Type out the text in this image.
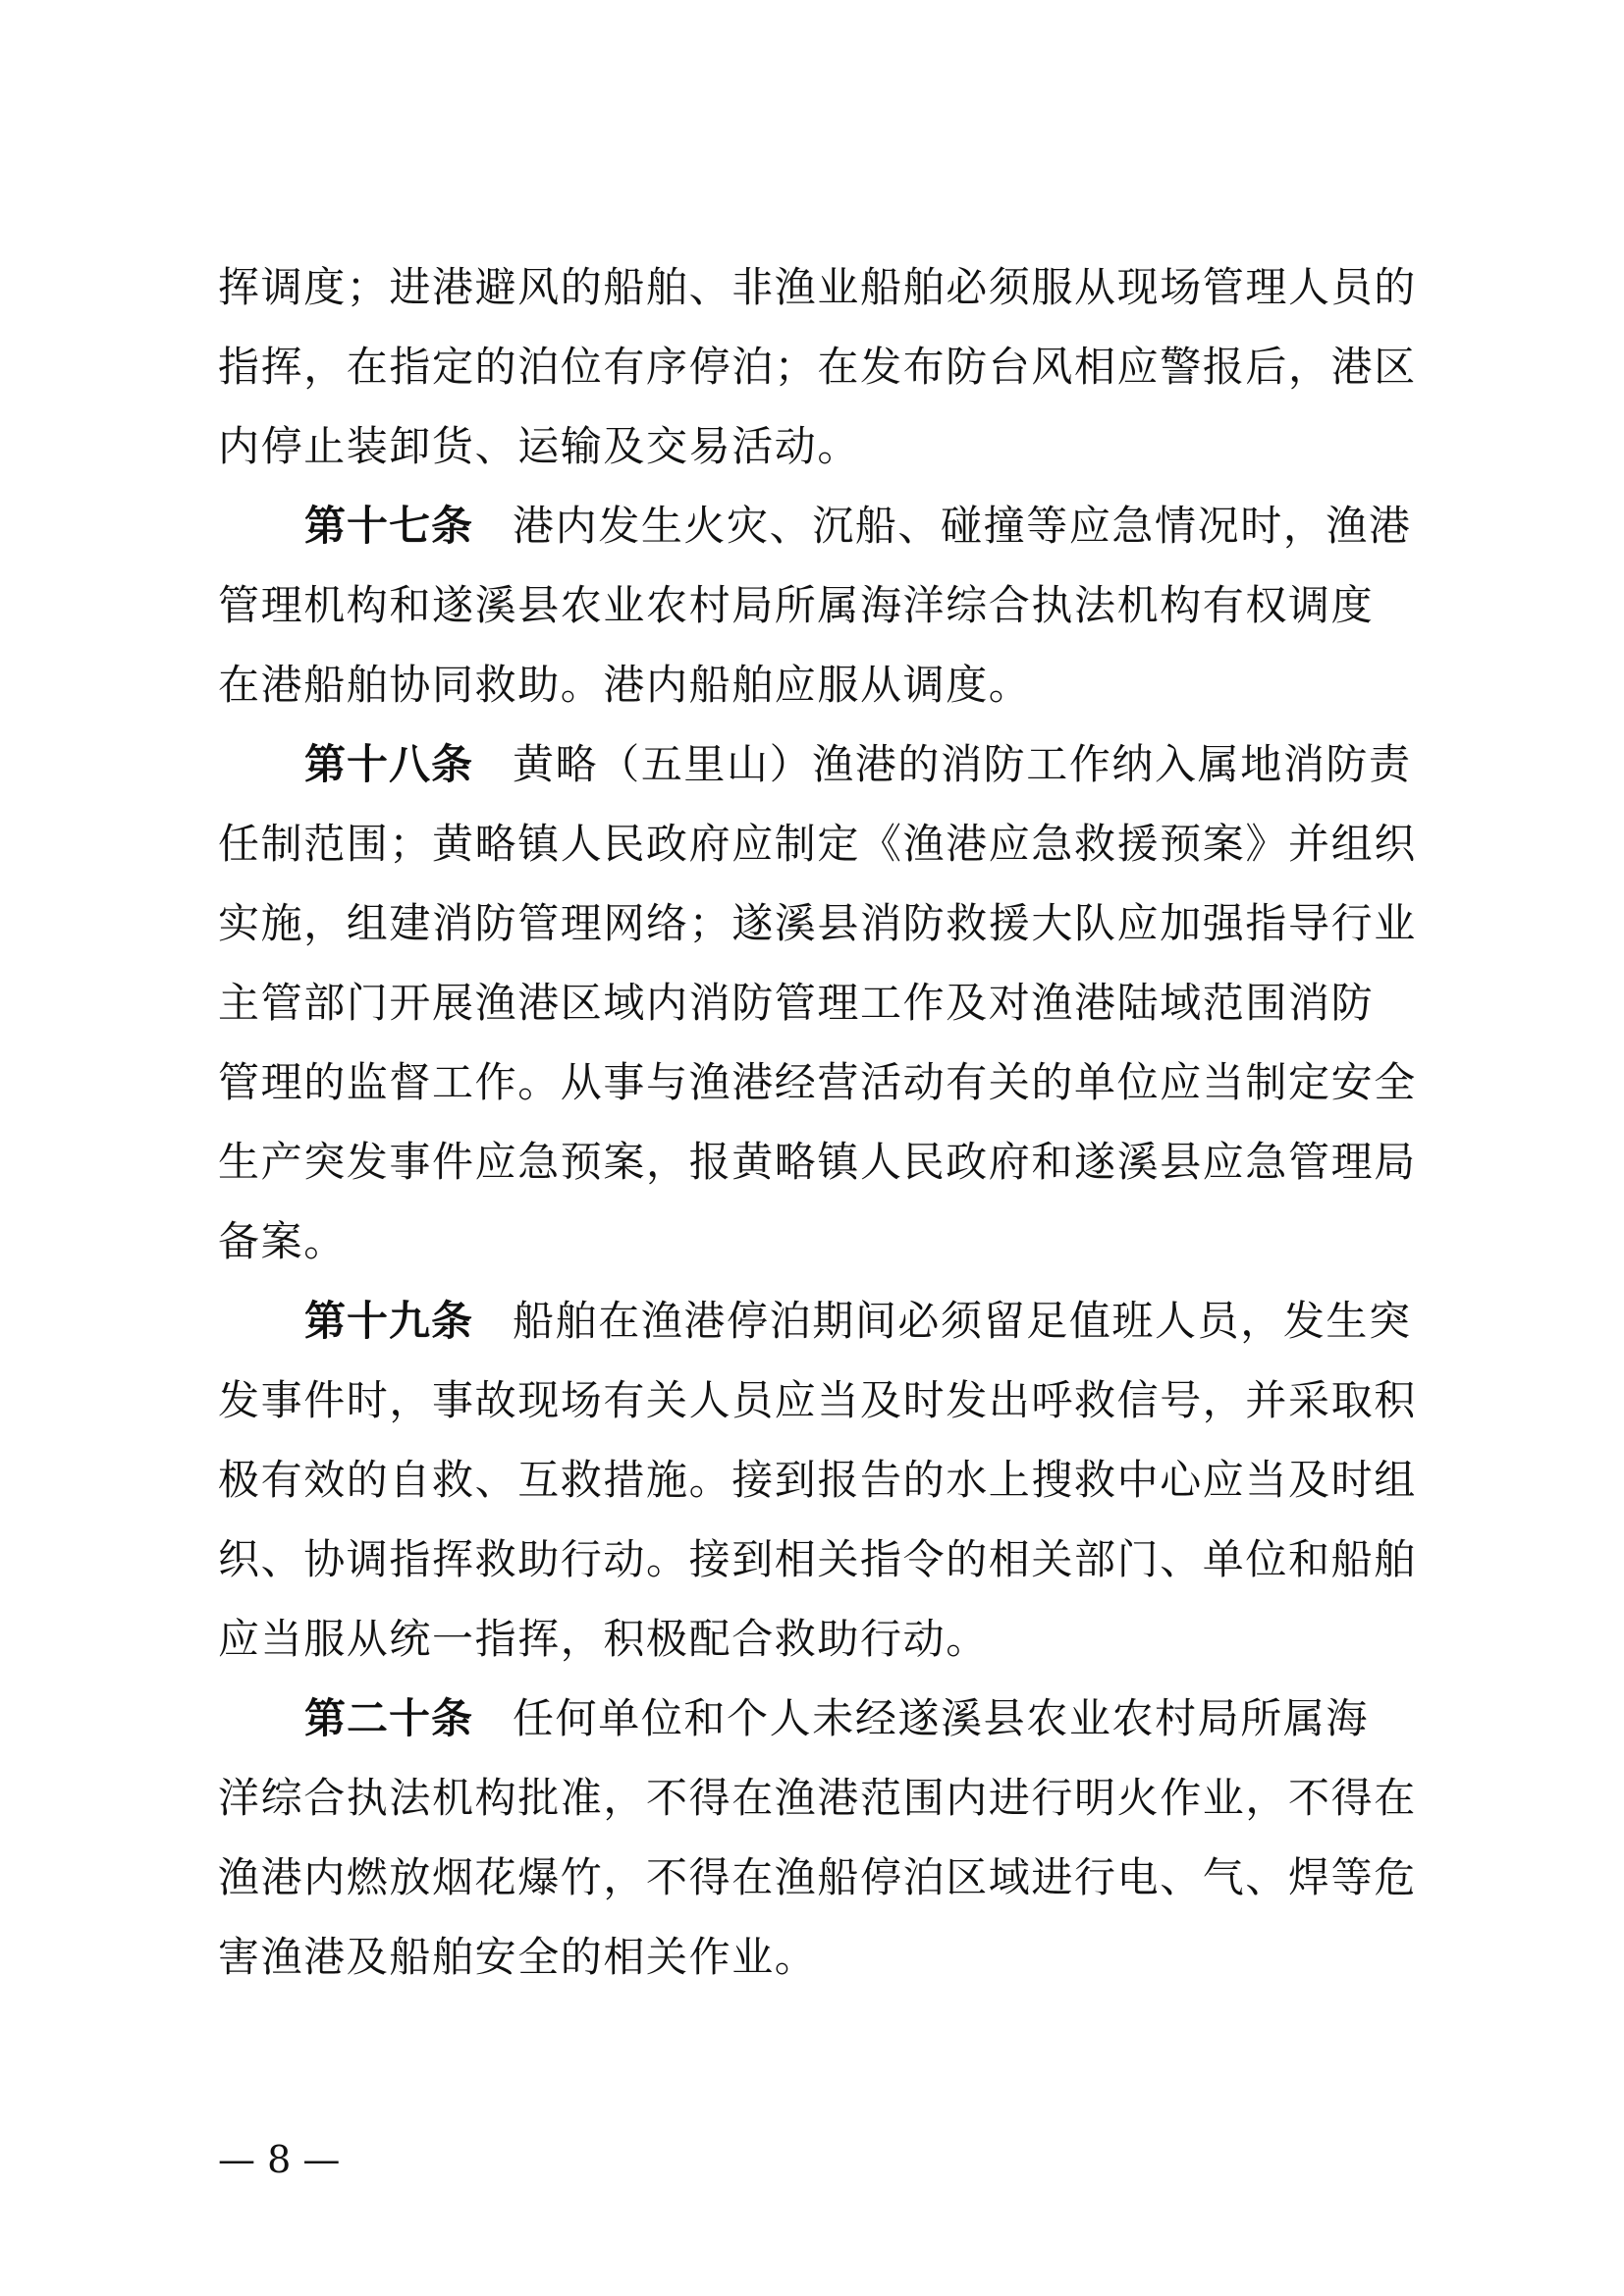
挥调度；进港避风的船舶、非渔业船舶必须服从现场管理人员的
指挥，在指定的泊位有序停泊；在发布防台风相应警报后，港区
内停止装卸货、运输及交易活动。
第十七条 港内发生火灾、沉船、碰撞等应急情况时，渔港
管理机构和遂溪县农业农村局所属海洋综合执法机构有权调度
在港船舶协同救助。港内船舶应服从调度。
第十八条 黄略（五里山）渔港的消防工作纳入属地消防责
任制范围；黄略镇人民政府应制定《渔港应急救援预案》并组织
实施，组建消防管理网络；遂溪县消防救援大队应加强指导行业
主管部门开展渔港区域内消防管理工作及对渔港陆域范围消防
管理的监督工作。从事与渔港经营活动有关的单位应当制定安全
生产突发事件应急预案，报黄略镇人民政府和遂溪县应急管理局
备案。
第十九条 船舶在渔港停泊期间必须留足值班人员，发生突
发事件时，事故现场有关人员应当及时发出呼救信号，并采取积
极有效的自救、互救措施。接到报告的水上搜救中心应当及时组
织、协调指挥救助行动。接到相关指令的相关部门、单位和船舶
应当服从统一指挥，积极配合救助行动。
第二十条 任何单位和个人未经遂溪县农业农村局所属海
洋综合执法机构批准，不得在渔港范围内进行明火作业，不得在
渔港内燃放烟花爆竹，不得在渔船停泊区域进行电、气、焊等危
害渔港及船舶安全的相关作业。
— 8 —
